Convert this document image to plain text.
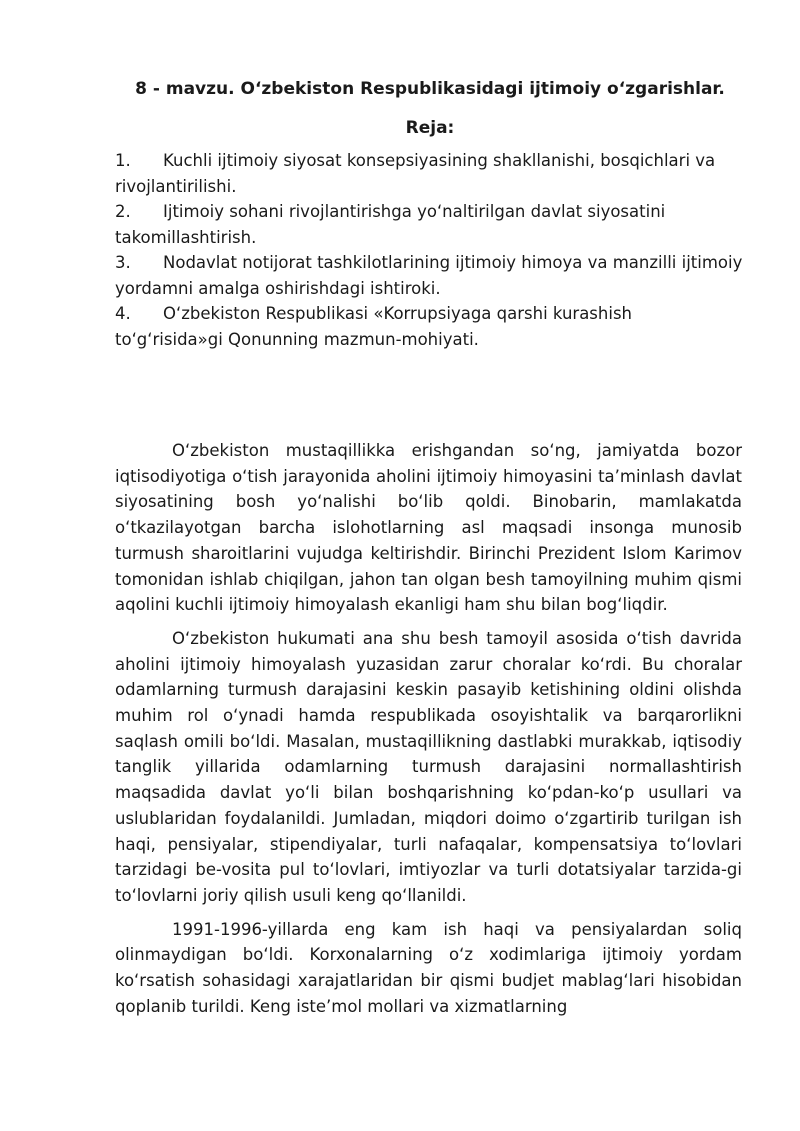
8 - mavzu. O‘zbekiston Respublikasidagi ijtimoiy o‘zgarishlar.
Reja:
1. Kuchli ijtimoiy siyosat konsepsiyasining shakllanishi, bosqichlari va rivojlantirilishi.
2. Ijtimoiy sohani rivojlantirishga yo‘naltirilgan davlat siyosatini takomillashtirish.
3. Nodavlat notijorat tashkilotlarining ijtimoiy himoya va manzilli ijtimoiy yordamni amalga oshirishdagi ishtiroki.
4. O‘zbekiston Respublikasi «Korrupsiyaga qarshi kurashish to‘g‘risida»gi Qonunning mazmun-mohiyati.

O‘zbekiston mustaqillikka erishgandan so‘ng, jamiyatda bozor iqtisodiyotiga o‘tish jarayonida aholini ijtimoiy himoyasini ta’minlash davlat siyosatining bosh yo‘nalishi bo‘lib qoldi. Binobarin, mamlakatda o‘tkazilayotgan barcha islohotlarning asl maqsadi insonga munosib turmush sharoitlarini vujudga keltirishdir. Birinchi Prezident Islom Karimov tomonidan ishlab chiqilgan, jahon tan olgan besh tamoyilning muhim qismi aqolini kuchli ijtimoiy himoyalash ekanligi ham shu bilan bog‘liqdir.

O‘zbekiston hukumati ana shu besh tamoyil asosida o‘tish davrida aholini ijtimoiy himoyalash yuzasidan zarur choralar ko‘rdi. Bu choralar odamlarning turmush darajasini keskin pasayib ketishining oldini olishda muhim rol o‘ynadi hamda respublikada osoyishtalik va barqarorlikni saqlash omili bo‘ldi. Masalan, mustaqillikning dastlabki murakkab, iqtisodiy tanglik yillarida odamlarning turmush darajasini normallashtirish maqsadida davlat yo‘li bilan boshqarishning ko‘pdan-ko‘p usullari va uslublaridan foydalanildi. Jumladan, miqdori doimo o‘zgartirib turilgan ish haqi, pensiyalar, stipendiyalar, turli nafaqalar, kompensatsiya to‘lovlari tarzidagi be-vosita pul to‘lovlari, imtiyozlar va turli dotatsiyalar tarzida-gi to‘lovlarni joriy qilish usuli keng qo‘llanildi.

1991-1996-yillarda eng kam ish haqi va pensiyalardan soliq olinmaydigan bo‘ldi. Korxonalarning o‘z xodimlariga ijtimoiy yordam ko‘rsatish sohasidagi xarajatlaridan bir qismi budjet mablag‘lari hisobidan qoplanib turildi. Keng iste’mol mollari va xizmatlarning
